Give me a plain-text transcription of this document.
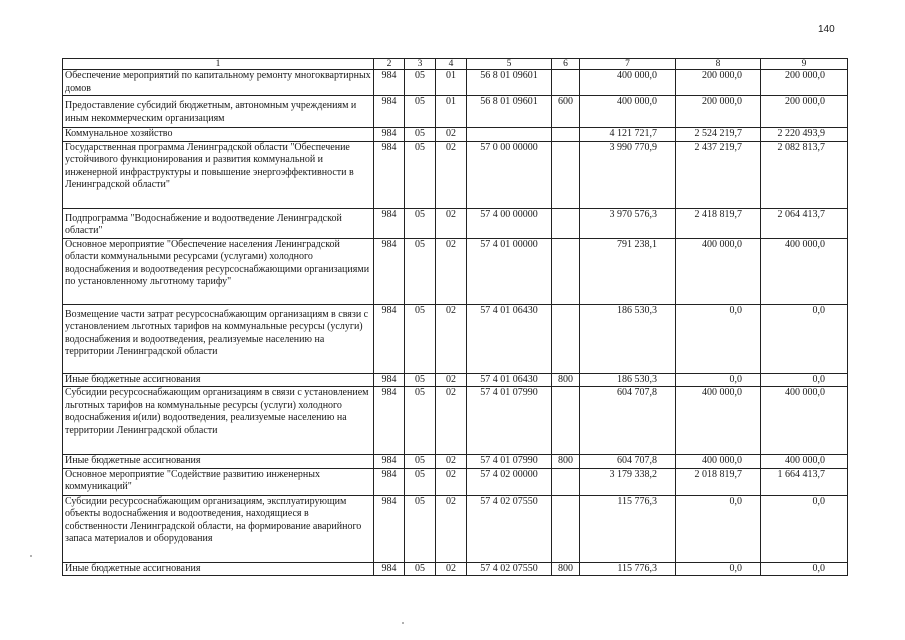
140
1	2	3	4	5	6	7	8	9
Обеспечение мероприятий по капитальному ремонту многоквартирных домов	984	05	01	56 8 01 09601		400 000,0	200 000,0	200 000,0
Предоставление субсидий бюджетным, автономным учреждениям и иным некоммерческим организациям	984	05	01	56 8 01 09601	600	400 000,0	200 000,0	200 000,0
Коммунальное хозяйство	984	05	02			4 121 721,7	2 524 219,7	2 220 493,9
Государственная программа Ленинградской области "Обеспечение устойчивого функционирования и развития коммунальной и инженерной инфраструктуры и повышение энергоэффективности в Ленинградской области"	984	05	02	57 0 00 00000		3 990 770,9	2 437 219,7	2 082 813,7
Подпрограмма "Водоснабжение и водоотведение Ленинградской области"	984	05	02	57 4 00 00000		3 970 576,3	2 418 819,7	2 064 413,7
Основное мероприятие "Обеспечение населения Ленинградской области коммунальными ресурсами (услугами) холодного водоснабжения и водоотведения ресурсоснабжающими организациями по установленному льготному тарифу"	984	05	02	57 4 01 00000		791 238,1	400 000,0	400 000,0
Возмещение части затрат ресурсоснабжающим организациям в связи с установлением льготных тарифов на коммунальные ресурсы (услуги) водоснабжения и водоотведения, реализуемые населению на территории Ленинградской области	984	05	02	57 4 01 06430		186 530,3	0,0	0,0
Иные бюджетные ассигнования	984	05	02	57 4 01 06430	800	186 530,3	0,0	0,0
Субсидии ресурсоснабжающим организациям в связи с установлением льготных тарифов на коммунальные ресурсы (услуги) холодного водоснабжения и(или) водоотведения, реализуемые населению на территории Ленинградской области	984	05	02	57 4 01 07990		604 707,8	400 000,0	400 000,0
Иные бюджетные ассигнования	984	05	02	57 4 01 07990	800	604 707,8	400 000,0	400 000,0
Основное мероприятие "Содействие развитию инженерных коммуникаций"	984	05	02	57 4 02 00000		3 179 338,2	2 018 819,7	1 664 413,7
Субсидии ресурсоснабжающим организациям, эксплуатирующим объекты водоснабжения и водоотведения, находящиеся в собственности Ленинградской области, на формирование аварийного запаса материалов и оборудования	984	05	02	57 4 02 07550		115 776,3	0,0	0,0
Иные бюджетные ассигнования	984	05	02	57 4 02 07550	800	115 776,3	0,0	0,0
